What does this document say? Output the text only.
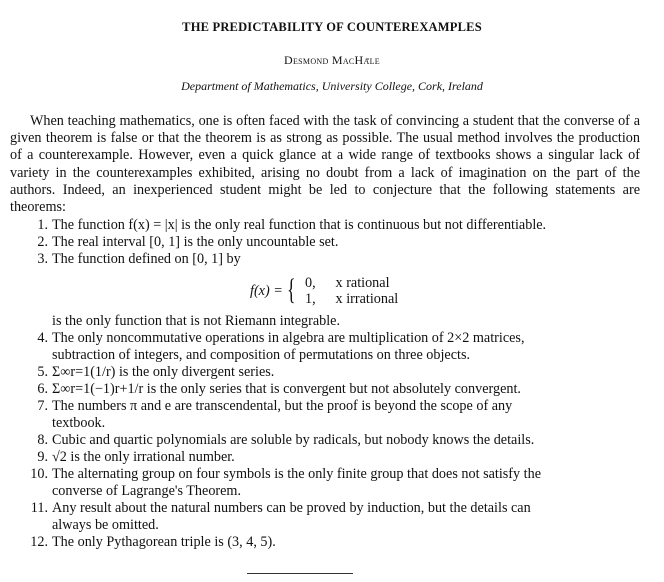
THE PREDICTABILITY OF COUNTEREXAMPLES
Desmond MacHale
Department of Mathematics, University College, Cork, Ireland

When teaching mathematics, one is often faced with the task of convincing a student that the converse of a given theorem is false or that the theorem is as strong as possible. The usual method involves the production of a counterexample. However, even a quick glance at a wide range of textbooks shows a singular lack of variety in the counterexamples exhibited, arising no doubt from a lack of imagination on the part of the authors. Indeed, an inexperienced student might be led to conjecture that the following statements are theorems:

1. The function f(x) = |x| is the only real function that is continuous but not differentiable.
2. The real interval [0, 1] is the only uncountable set.
3. The function defined on [0, 1] by
f(x) = { 0, x rational
1, x irrational
is the only function that is not Riemann integrable.
4. The only noncommutative operations in algebra are multiplication of 2×2 matrices,
subtraction of integers, and composition of permutations on three objects.
5. Σ∞r=1(1/r) is the only divergent series.
6. Σ∞r=1(−1)r+1/r is the only series that is convergent but not absolutely convergent.
7. The numbers π and e are transcendental, but the proof is beyond the scope of any
textbook.
8. Cubic and quartic polynomials are soluble by radicals, but nobody knows the details.
9. √2 is the only irrational number.
10. The alternating group on four symbols is the only finite group that does not satisfy the
converse of Lagrange's Theorem.
11. Any result about the natural numbers can be proved by induction, but the details can
always be omitted.
12. The only Pythagorean triple is (3, 4, 5).
